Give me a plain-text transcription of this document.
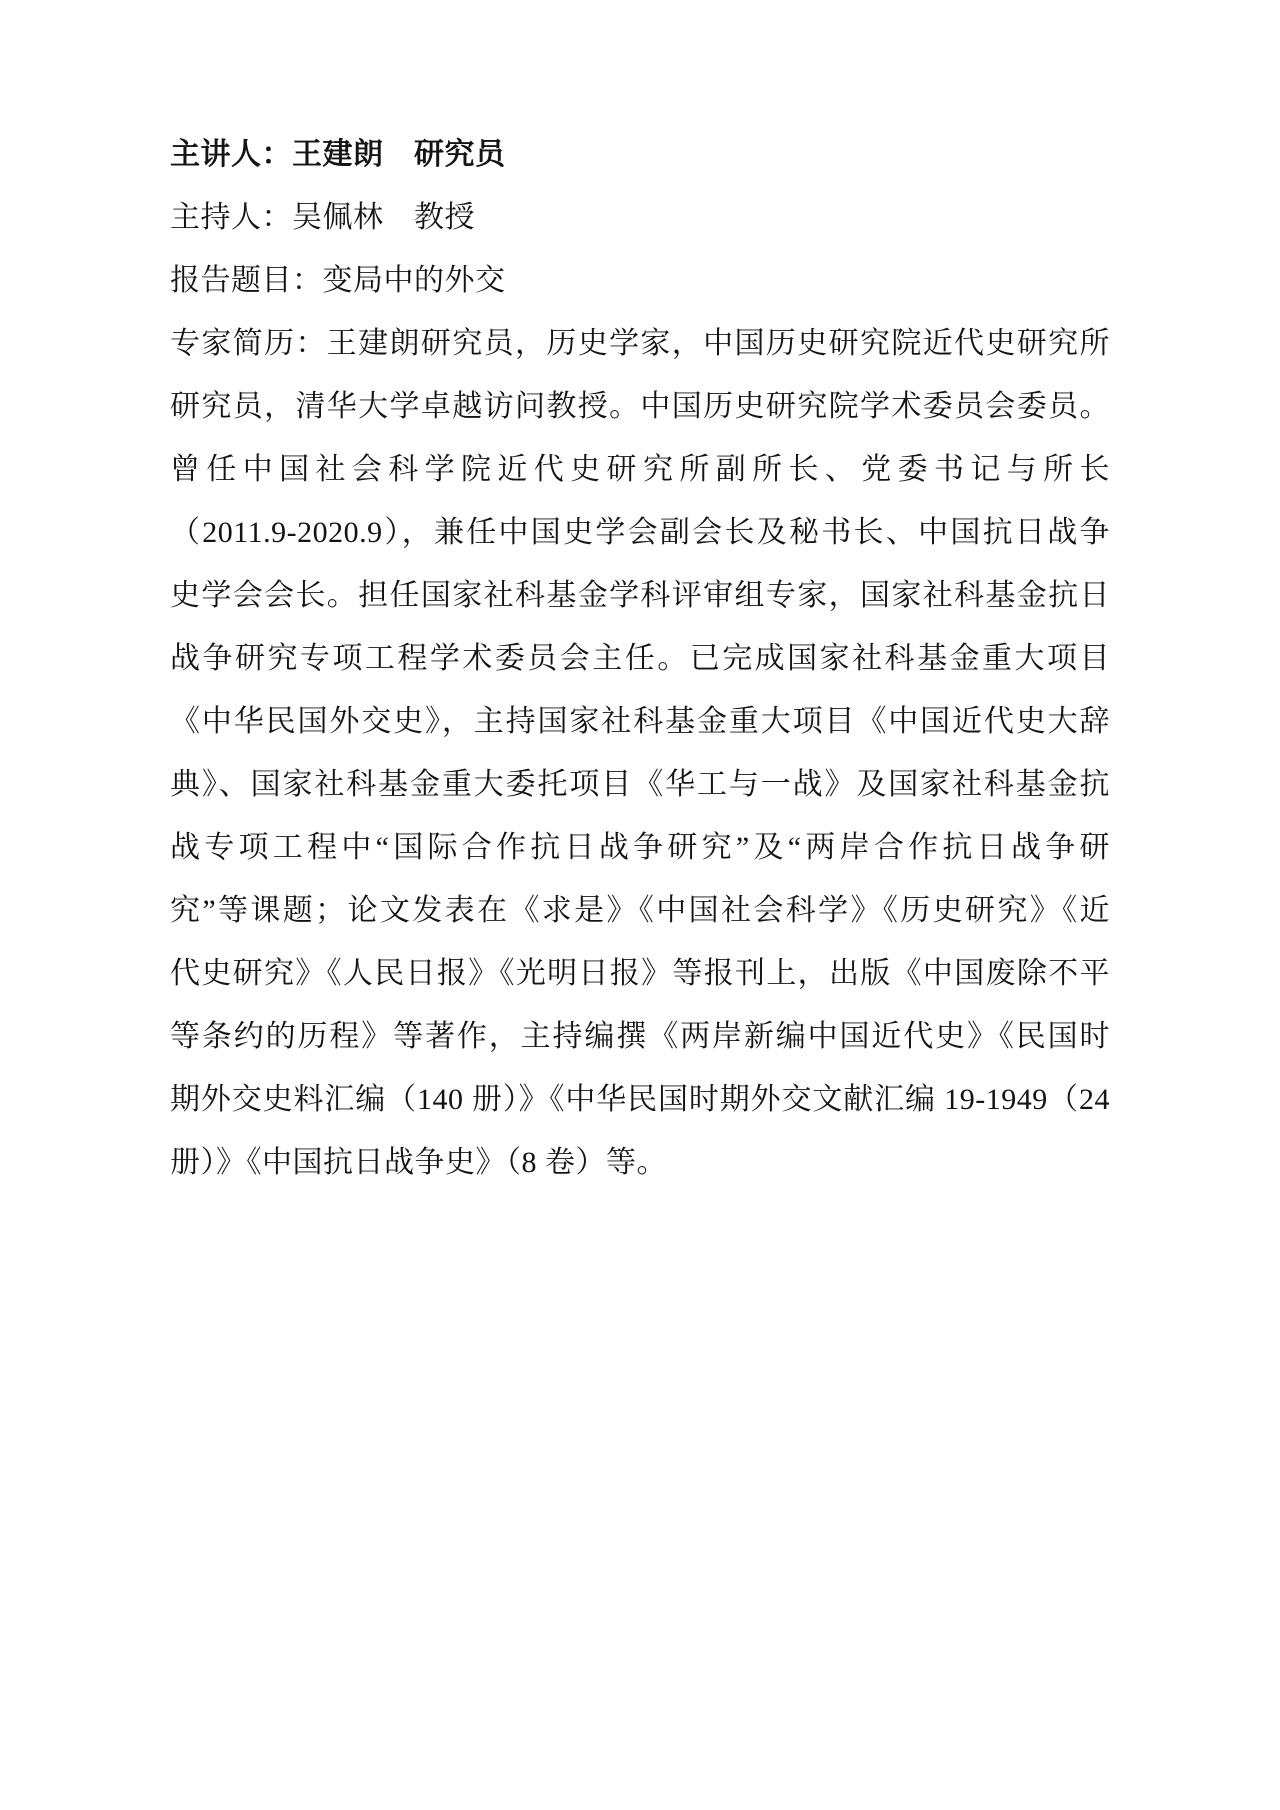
主讲人：王建朗　研究员
主持人：吴佩林　教授
报告题目：变局中的外交
专家简历：王建朗研究员，历史学家，中国历史研究院近代史研究所
研究员，清华大学卓越访问教授。中国历史研究院学术委员会委员。
曾任中国社会科学院近代史研究所副所长、党委书记与所长
（2011.9-2020.9），兼任中国史学会副会长及秘书长、中国抗日战争
史学会会长。担任国家社科基金学科评审组专家，国家社科基金抗日
战争研究专项工程学术委员会主任。已完成国家社科基金重大项目
《中华民国外交史》，主持国家社科基金重大项目《中国近代史大辞
典》、国家社科基金重大委托项目《华工与一战》及国家社科基金抗
战专项工程中“国际合作抗日战争研究”及“两岸合作抗日战争研
究”等课题；论文发表在《求是》《中国社会科学》《历史研究》《近
代史研究》《人民日报》《光明日报》等报刊上，出版《中国废除不平
等条约的历程》等著作，主持编撰《两岸新编中国近代史》《民国时
期外交史料汇编（140 册）》《中华民国时期外交文献汇编 19-1949（24
册）》《中国抗日战争史》（8 卷）等。
